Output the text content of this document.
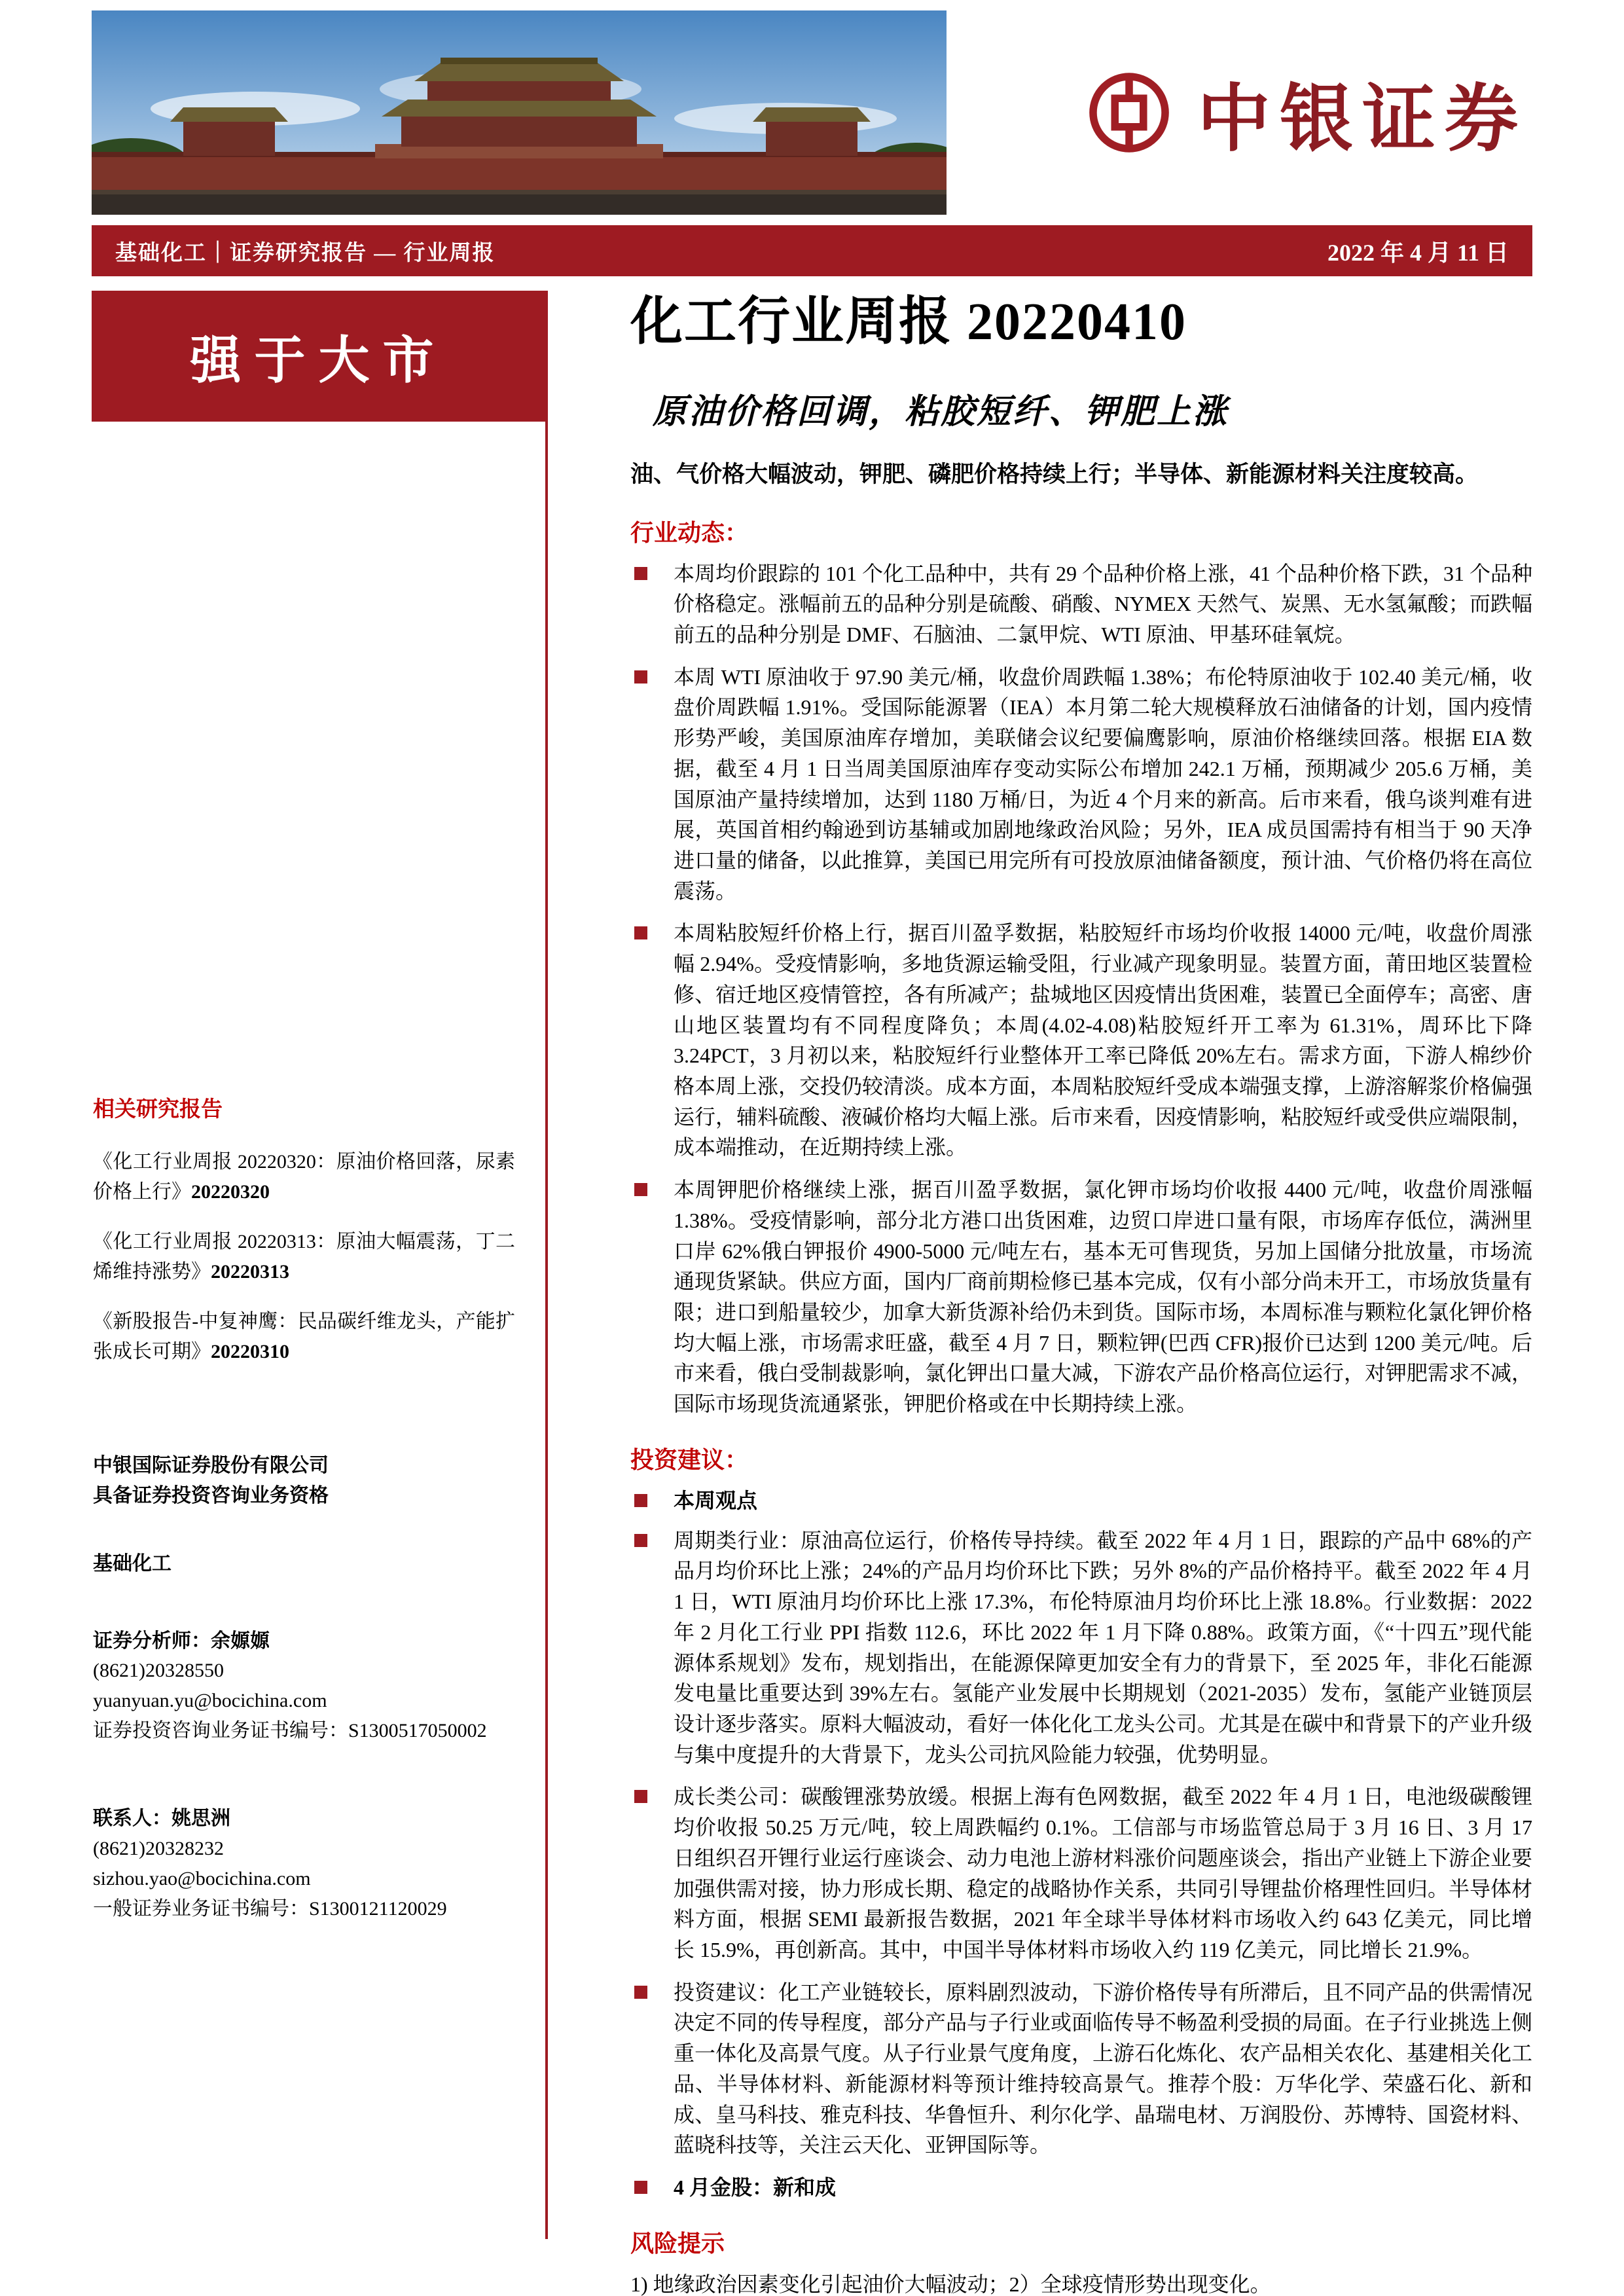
中银证券
基础化工｜证券研究报告 — 行业周报	2022 年 4 月 11 日
强于大市
相关研究报告

《化工行业周报 20220320：原油价格回落，尿素价格上行》20220320

《化工行业周报 20220313：原油大幅震荡，丁二烯维持涨势》20220313

《新股报告-中复神鹰：民品碳纤维龙头，产能扩张成长可期》20220310

中银国际证券股份有限公司

具备证券投资咨询业务资格

基础化工

证券分析师：余嫄嫄

(8621)20328550

yuanyuan.yu@bocichina.com

证券投资咨询业务证书编号：S1300517050002

联系人：姚思洲

(8621)20328232

sizhou.yao@bocichina.com

一般证券业务证书编号：S1300121120029

化工行业周报 20220410
原油价格回调，粘胶短纤、钾肥上涨

油、气价格大幅波动，钾肥、磷肥价格持续上行；半导体、新能源材料关注度较高。

行业动态：
本周均价跟踪的 101 个化工品种中，共有 29 个品种价格上涨，41 个品种价格下跌，31 个品种价格稳定。涨幅前五的品种分别是硫酸、硝酸、NYMEX 天然气、炭黑、无水氢氟酸；而跌幅前五的品种分别是 DMF、石脑油、二氯甲烷、WTI 原油、甲基环硅氧烷。
本周 WTI 原油收于 97.90 美元/桶，收盘价周跌幅 1.38%；布伦特原油收于 102.40 美元/桶，收盘价周跌幅 1.91%。受国际能源署（IEA）本月第二轮大规模释放石油储备的计划，国内疫情形势严峻，美国原油库存增加，美联储会议纪要偏鹰影响，原油价格继续回落。根据 EIA 数据，截至 4 月 1 日当周美国原油库存变动实际公布增加 242.1 万桶，预期减少 205.6 万桶，美国原油产量持续增加，达到 1180 万桶/日，为近 4 个月来的新高。后市来看，俄乌谈判难有进展，英国首相约翰逊到访基辅或加剧地缘政治风险；另外，IEA 成员国需持有相当于 90 天净进口量的储备，以此推算，美国已用完所有可投放原油储备额度，预计油、气价格仍将在高位震荡。
本周粘胶短纤价格上行，据百川盈孚数据，粘胶短纤市场均价收报 14000 元/吨，收盘价周涨幅 2.94%。受疫情影响，多地货源运输受阻，行业减产现象明显。装置方面，莆田地区装置检修、宿迁地区疫情管控，各有所减产；盐城地区因疫情出货困难，装置已全面停车；高密、唐山地区装置均有不同程度降负；本周(4.02-4.08)粘胶短纤开工率为 61.31%，周环比下降 3.24PCT，3 月初以来，粘胶短纤行业整体开工率已降低 20%左右。需求方面，下游人棉纱价格本周上涨，交投仍较清淡。成本方面，本周粘胶短纤受成本端强支撑，上游溶解浆价格偏强运行，辅料硫酸、液碱价格均大幅上涨。后市来看，因疫情影响，粘胶短纤或受供应端限制，成本端推动，在近期持续上涨。
本周钾肥价格继续上涨，据百川盈孚数据，氯化钾市场均价收报 4400 元/吨，收盘价周涨幅 1.38%。受疫情影响，部分北方港口出货困难，边贸口岸进口量有限，市场库存低位，满洲里口岸 62%俄白钾报价 4900-5000 元/吨左右，基本无可售现货，另加上国储分批放量，市场流通现货紧缺。供应方面，国内厂商前期检修已基本完成，仅有小部分尚未开工，市场放货量有限；进口到船量较少，加拿大新货源补给仍未到货。国际市场，本周标准与颗粒化氯化钾价格均大幅上涨，市场需求旺盛，截至 4 月 7 日，颗粒钾(巴西 CFR)报价已达到 1200 美元/吨。后市来看，俄白受制裁影响，氯化钾出口量大减，下游农产品价格高位运行，对钾肥需求不减，国际市场现货流通紧张，钾肥价格或在中长期持续上涨。
投资建议：
本周观点
周期类行业：原油高位运行，价格传导持续。截至 2022 年 4 月 1 日，跟踪的产品中 68%的产品月均价环比上涨；24%的产品月均价环比下跌；另外 8%的产品价格持平。截至 2022 年 4 月 1 日，WTI 原油月均价环比上涨 17.3%，布伦特原油月均价环比上涨 18.8%。行业数据：2022 年 2 月化工行业 PPI 指数 112.6，环比 2022 年 1 月下降 0.88%。政策方面，《“十四五”现代能源体系规划》发布，规划指出，在能源保障更加安全有力的背景下，至 2025 年，非化石能源发电量比重要达到 39%左右。氢能产业发展中长期规划（2021-2035）发布，氢能产业链顶层设计逐步落实。原料大幅波动，看好一体化化工龙头公司。尤其是在碳中和背景下的产业升级与集中度提升的大背景下，龙头公司抗风险能力较强，优势明显。
成长类公司：碳酸锂涨势放缓。根据上海有色网数据，截至 2022 年 4 月 1 日，电池级碳酸锂均价收报 50.25 万元/吨，较上周跌幅约 0.1%。工信部与市场监管总局于 3 月 16 日、3 月 17 日组织召开锂行业运行座谈会、动力电池上游材料涨价问题座谈会，指出产业链上下游企业要加强供需对接，协力形成长期、稳定的战略协作关系，共同引导锂盐价格理性回归。半导体材料方面，根据 SEMI 最新报告数据，2021 年全球半导体材料市场收入约 643 亿美元，同比增长 15.9%，再创新高。其中，中国半导体材料市场收入约 119 亿美元，同比增长 21.9%。
投资建议：化工产业链较长，原料剧烈波动，下游价格传导有所滞后，且不同产品的供需情况决定不同的传导程度，部分产品与子行业或面临传导不畅盈利受损的局面。在子行业挑选上侧重一体化及高景气度。从子行业景气度角度，上游石化炼化、农产品相关农化、基建相关化工品、半导体材料、新能源材料等预计维持较高景气。推荐个股：万华化学、荣盛石化、新和成、皇马科技、雅克科技、华鲁恒升、利尔化学、晶瑞电材、万润股份、苏博特、国瓷材料、蓝晓科技等，关注云天化、亚钾国际等。
4 月金股：新和成
风险提示

1) 地缘政治因素变化引起油价大幅波动；2）全球疫情形势出现变化。
